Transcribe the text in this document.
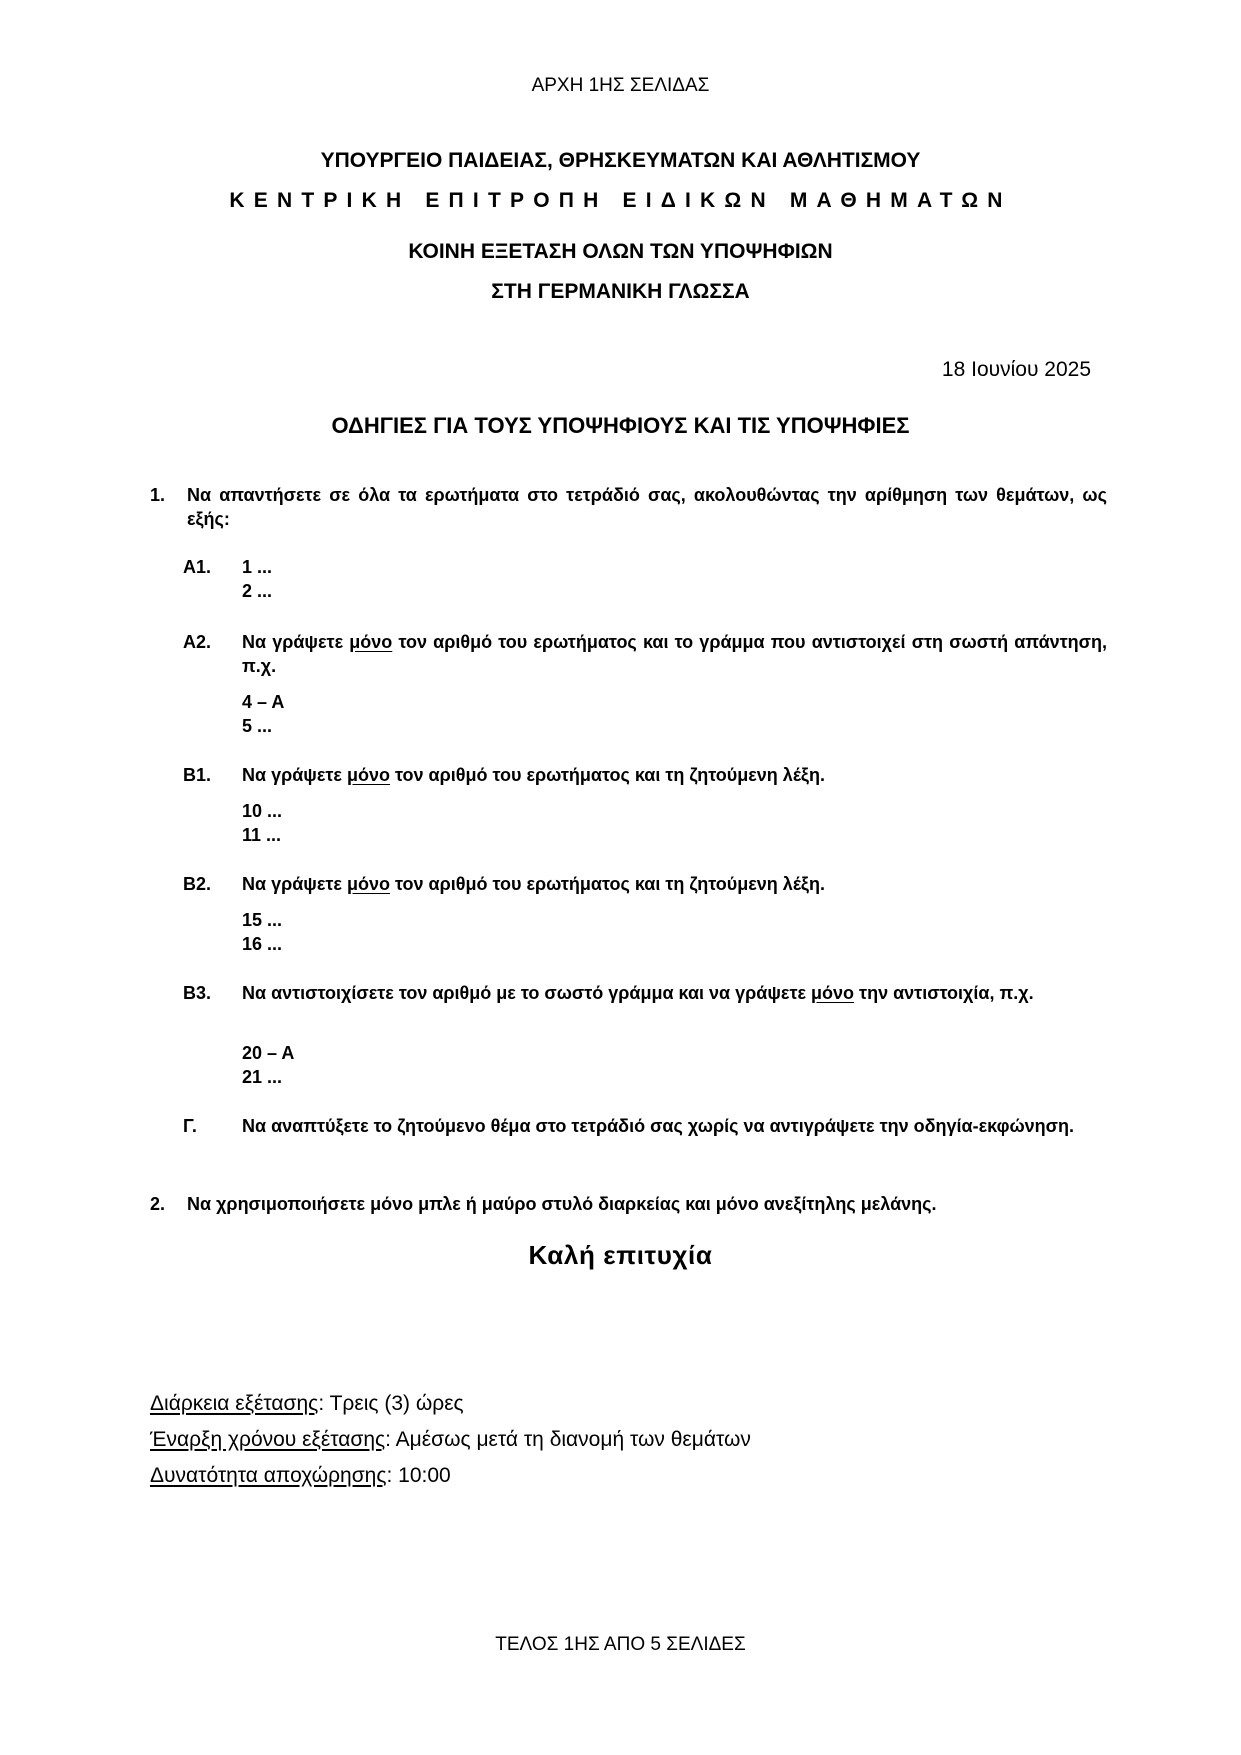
ΑΡΧΗ 1ΗΣ ΣΕΛΙΔΑΣ
ΥΠΟΥΡΓΕΙΟ ΠΑΙΔΕΙΑΣ, ΘΡΗΣΚΕΥΜΑΤΩΝ ΚΑΙ ΑΘΛΗΤΙΣΜΟΥ
ΚΕΝΤΡΙΚΗ ΕΠΙΤΡΟΠΗ ΕΙΔΙΚΩΝ ΜΑΘΗΜΑΤΩΝ
ΚΟΙΝΗ ΕΞΕΤΑΣΗ ΟΛΩΝ ΤΩΝ ΥΠΟΨΗΦΙΩΝ
ΣΤΗ ΓΕΡΜΑΝΙΚΗ ΓΛΩΣΣΑ
18 Ιουνίου 2025
ΟΔΗΓΙΕΣ ΓΙΑ ΤΟΥΣ ΥΠΟΨΗΦΙΟΥΣ ΚΑΙ ΤΙΣ ΥΠΟΨΗΦΙΕΣ
1. Να απαντήσετε σε όλα τα ερωτήματα στο τετράδιό σας, ακολουθώντας την αρίθμηση των θεμάτων, ως εξής:
Α1. 1 ...
2 ...
Α2. Να γράψετε μόνο τον αριθμό του ερωτήματος και το γράμμα που αντιστοιχεί στη σωστή απάντηση, π.χ.
4 – Α
5 ...
Β1. Να γράψετε μόνο τον αριθμό του ερωτήματος και τη ζητούμενη λέξη.
10 ...
11 ...
Β2. Να γράψετε μόνο τον αριθμό του ερωτήματος και τη ζητούμενη λέξη.
15 ...
16 ...
Β3. Να αντιστοιχίσετε τον αριθμό με το σωστό γράμμα και να γράψετε μόνο την αντιστοιχία, π.χ.
20 – Α
21 ...
Γ.	Να αναπτύξετε το ζητούμενο θέμα στο τετράδιό σας χωρίς να αντιγράψετε την οδηγία-εκφώνηση.
2. Να χρησιμοποιήσετε μόνο μπλε ή μαύρο στυλό διαρκείας και μόνο ανεξίτηλης μελάνης.
Καλή επιτυχία
Διάρκεια εξέτασης: Τρεις (3) ώρες
Έναρξη χρόνου εξέτασης: Αμέσως μετά τη διανομή των θεμάτων
Δυνατότητα αποχώρησης: 10:00
ΤΕΛΟΣ 1ΗΣ ΑΠΟ 5 ΣΕΛΙΔΕΣ
